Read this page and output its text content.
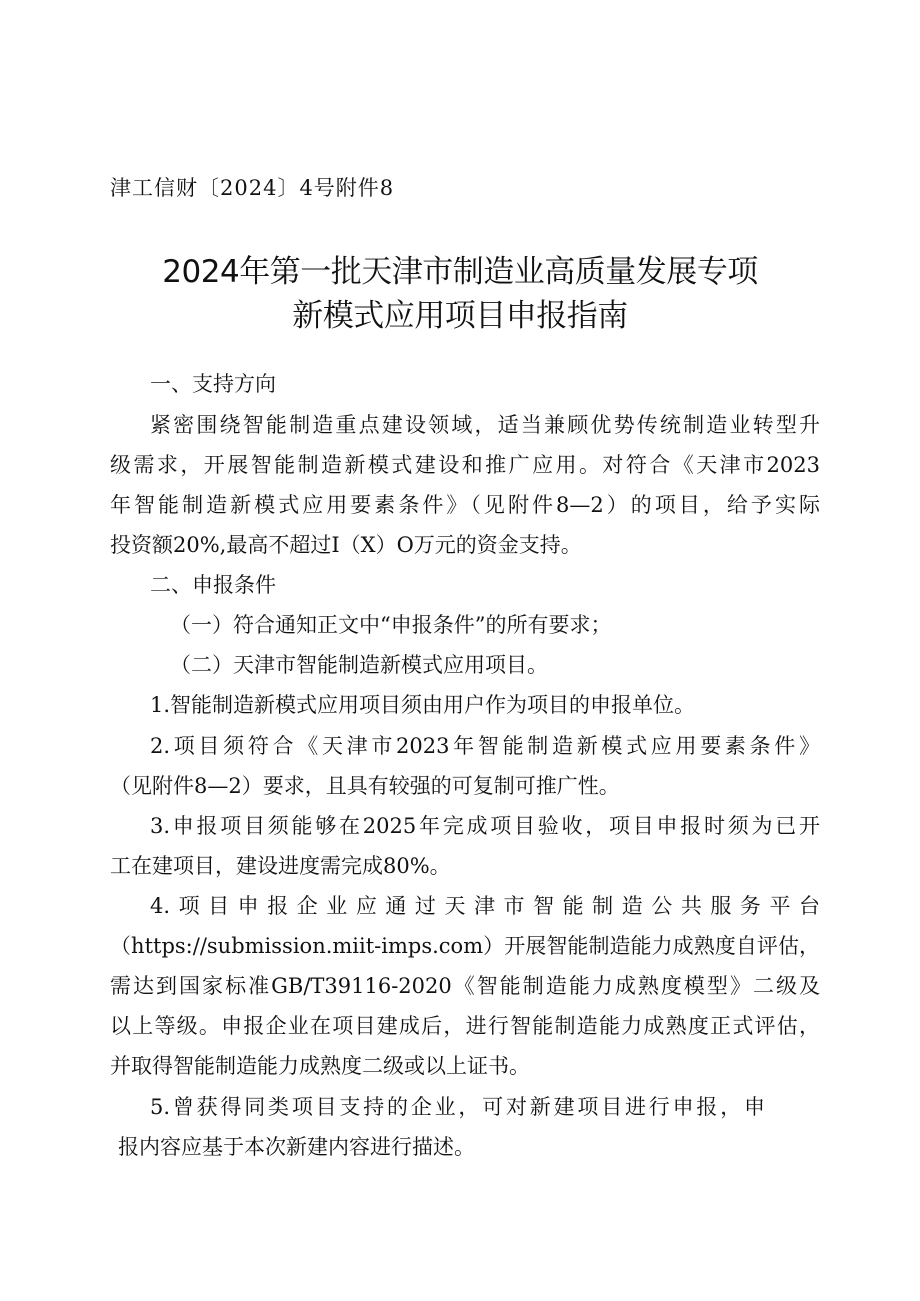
津工信财〔2024〕4号附件8
2024年第一批天津市制造业高质量发展专项
新模式应用项目申报指南
一、支持方向
紧密围绕智能制造重点建设领域，适当兼顾优势传统制造业转型升
级需求，开展智能制造新模式建设和推广应用。对符合《天津市2023
年智能制造新模式应用要素条件》（见附件8—2）的项目，给予实际
投资额20%,最高不超过I（X）O万元的资金支持。
二、申报条件
（一）符合通知正文中“申报条件”的所有要求；
（二）天津市智能制造新模式应用项目。
1.智能制造新模式应用项目须由用户作为项目的申报单位。
2.项目须符合《天津市2023年智能制造新模式应用要素条件》
（见附件8—2）要求，且具有较强的可复制可推广性。
3.申报项目须能够在2025年完成项目验收，项目申报时须为已开
工在建项目，建设进度需完成80%。
4.项目申报企业应通过天津市智能制造公共服务平台
（https://submission.miit-imps.com）开展智能制造能力成熟度自评估，
需达到国家标准GB/T39116-2020《智能制造能力成熟度模型》二级及
以上等级。申报企业在项目建成后，进行智能制造能力成熟度正式评估，
并取得智能制造能力成熟度二级或以上证书。
5.曾获得同类项目支持的企业，可对新建项目进行申报，申
报内容应基于本次新建内容进行描述。
